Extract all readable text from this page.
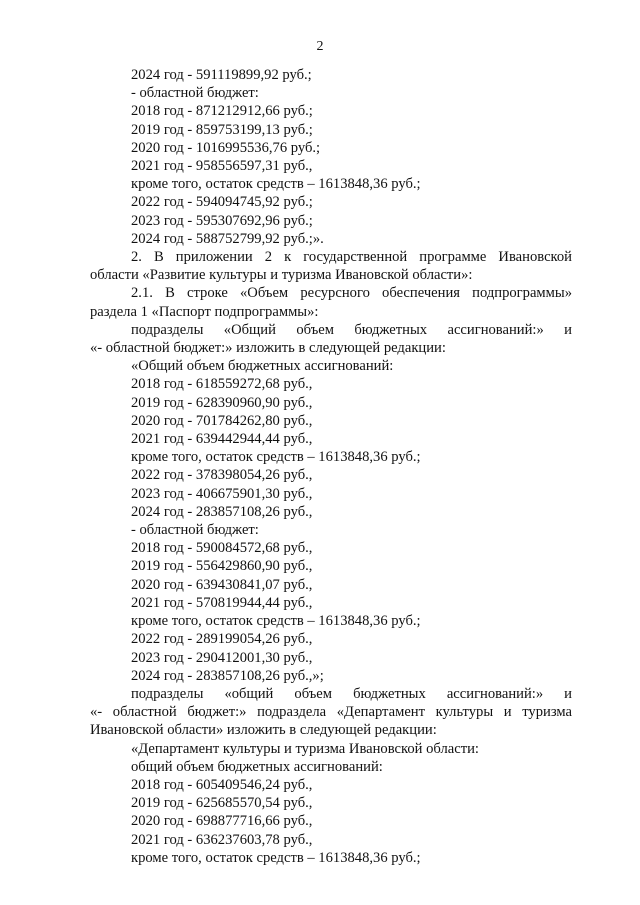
2
2024 год - 591119899,92 руб.;
- областной бюджет:
2018 год - 871212912,66 руб.;
2019 год - 859753199,13 руб.;
2020 год - 1016995536,76 руб.;
2021 год - 958556597,31 руб.,
кроме того, остаток средств – 1613848,36 руб.;
2022 год - 594094745,92 руб.;
2023 год - 595307692,96 руб.;
2024 год - 588752799,92 руб.;».
2. В приложении 2 к государственной программе Ивановской
области «Развитие культуры и туризма Ивановской области»:
2.1. В строке «Объем ресурсного обеспечения подпрограммы»
раздела 1 «Паспорт подпрограммы»:
подразделы «Общий объем бюджетных ассигнований:» и
«- областной бюджет:» изложить в следующей редакции:
«Общий объем бюджетных ассигнований:
2018 год - 618559272,68 руб.,
2019 год - 628390960,90 руб.,
2020 год - 701784262,80 руб.,
2021 год - 639442944,44 руб.,
кроме того, остаток средств – 1613848,36 руб.;
2022 год - 378398054,26 руб.,
2023 год - 406675901,30 руб.,
2024 год - 283857108,26 руб.,
- областной бюджет:
2018 год - 590084572,68 руб.,
2019 год - 556429860,90 руб.,
2020 год - 639430841,07 руб.,
2021 год - 570819944,44 руб.,
кроме того, остаток средств – 1613848,36 руб.;
2022 год - 289199054,26 руб.,
2023 год - 290412001,30 руб.,
2024 год - 283857108,26 руб.,»;
подразделы «общий объем бюджетных ассигнований:» и
«- областной бюджет:» подраздела «Департамент культуры и туризма
Ивановской области» изложить в следующей редакции:
«Департамент культуры и туризма Ивановской области:
общий объем бюджетных ассигнований:
2018 год - 605409546,24 руб.,
2019 год - 625685570,54 руб.,
2020 год - 698877716,66 руб.,
2021 год - 636237603,78 руб.,
кроме того, остаток средств – 1613848,36 руб.;
